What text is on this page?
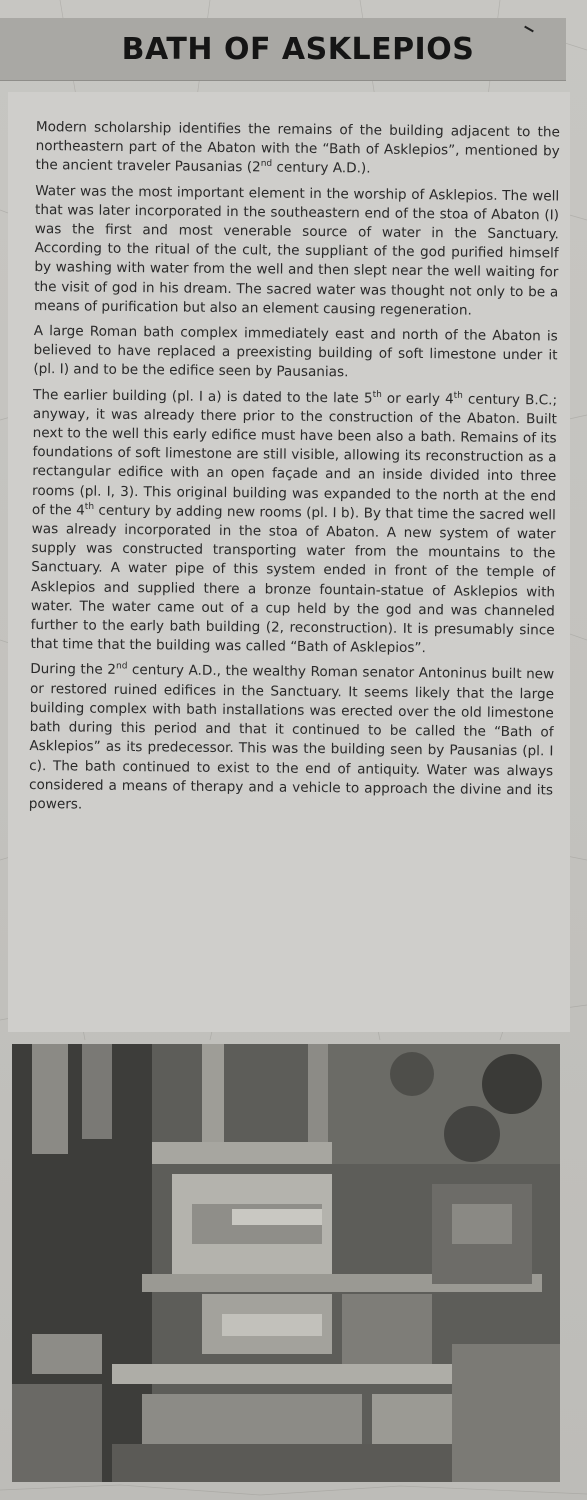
BATH OF ASKLEPIOS

Modern scholarship identifies the remains of the building adjacent to the northeastern part of the Abaton with the “Bath of Asklepios”, mentioned by the ancient traveler Pausanias (2nd century A.D.).

Water was the most important element in the worship of Asklepios. The well that was later incorporated in the southeastern end of the stoa of Abaton (I) was the first and most venerable source of water in the Sanctuary. According to the ritual of the cult, the suppliant of the god purified himself by washing with water from the well and then slept near the well waiting for the visit of god in his dream. The sacred water was thought not only to be a means of purification but also an element causing regeneration.

A large Roman bath complex immediately east and north of the Abaton is believed to have replaced a preexisting building of soft limestone under it (pl. I) and to be the edifice seen by Pausanias.

The earlier building (pl. I a) is dated to the late 5th or early 4th century B.C.; anyway, it was already there prior to the construction of the Abaton. Built next to the well this early edifice must have been also a bath. Remains of its foundations of soft limestone are still visible, allowing its reconstruction as a rectangular edifice with an open façade and an inside divided into three rooms (pl. I, 3). This original building was expanded to the north at the end of the 4th century by adding new rooms (pl. I b). By that time the sacred well was already incorporated in the stoa of Abaton. A new system of water supply was constructed transporting water from the mountains to the Sanctuary. A water pipe of this system ended in front of the temple of Asklepios and supplied there a bronze fountain-statue of Asklepios with water. The water came out of a cup held by the god and was channeled further to the early bath building (2, reconstruction). It is presumably since that time that the building was called “Bath of Asklepios”.

During the 2nd century A.D., the wealthy Roman senator Antoninus built new or restored ruined edifices in the Sanctuary. It seems likely that the large building complex with bath installations was erected over the old limestone bath during this period and that it continued to be called the “Bath of Asklepios” as its predecessor. This was the building seen by Pausanias (pl. I c). The bath continued to exist to the end of antiquity. Water was always considered a means of therapy and a vehicle to approach the divine and its powers.
